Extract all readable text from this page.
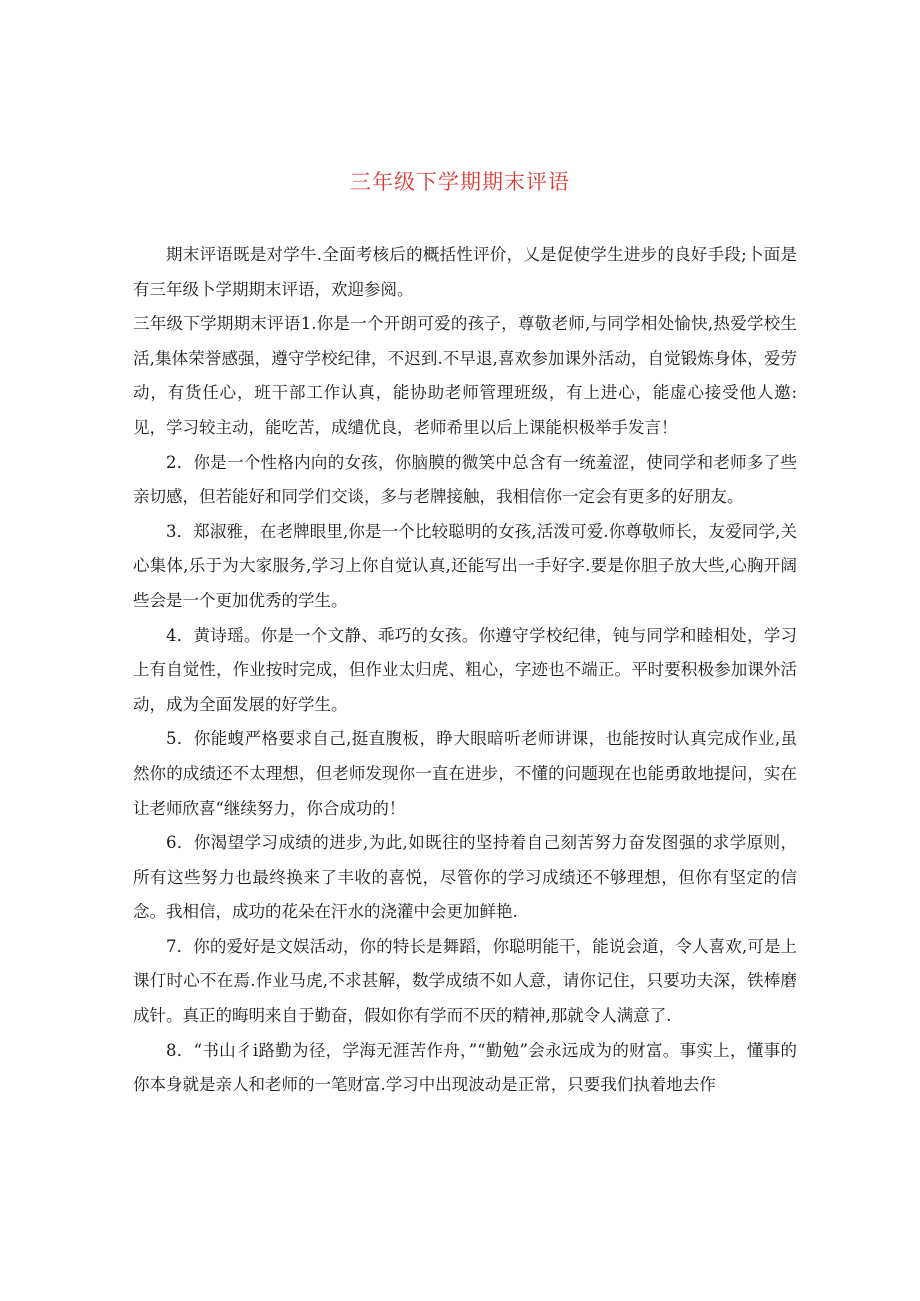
三年级下学期期末评语

期末评语既是对学牛.全面考核后的概括性评价，乂是促使学生进步的良好手段;卜面是有三年级卜学期期末评语，欢迎参阅。

三年级下学期期末评语1.你是一个开朗可爱的孩子，尊敬老师,与同学相处愉快,热爱学校生活,集体荣誉感强，遵守学校纪律，不迟到.不早退,喜欢参加课外活动，自觉锻炼身体，爱劳动，有货任心，班干部工作认真，能协助老师管理班级，有上进心，能虚心接受他人邀:见，学习较主动，能吃苦，成缱优良，老师希里以后上课能枳极举手发言！

2．你是一个性格内向的女孩，你脑膜的微笑中总含有一统羞涩，使同学和老师多了些亲切感，但若能好和同学们交谈，多与老牌接触，我相信你一定会有更多的好朋友。

3．郑淑雅，在老牌眼里,你是一个比较聪明的女孩,活泼可爱.你尊敬师长，友爱同学,关心集体,乐于为大家服务,学习上你自觉认真,还能写出一手好字.要是你胆子放大些,心胸开阔些会是一个更加优秀的学生。

4．黄诗瑶。你是一个文静、乖巧的女孩。你遵守学校纪律，钝与同学和睦相处，学习上有自觉性，作业按时完成，但作业太归虎、粗心，字迹也不端正。平时要积极参加课外活动，成为全面发展的好学生。

5．你能蝮严格要求自己,挺直腹板，睁大眼暗听老师讲课，也能按时认真完成作业,虽然你的成绩还不太理想，但老师发现你一直在进步，不懂的问题现在也能勇敢地提问，实在让老师欣喜“继续努力，你合成功的！

6．你渴望学习成绩的进步,为此,如既往的坚持着自己刻苦努力奋发图强的求学原则，所有这些努力也最终换来了丰收的喜悦，尽管你的学习成绩还不够理想，但你有坚定的信念。我相信，成功的花朵在汗水的浇灌中会更加鲜艳.

7．你的爱好是文娱活动，你的特长是舞蹈，你聪明能干，能说会道，令人喜欢,可是上课仃时心不在焉.作业马虎,不求甚解，数学成绩不如人意，请你记住，只要功夫深，铁棒磨成针。真正的晦明来自于勤奋，假如你有学而不厌的精神,那就令人满意了.

8．“书山彳i路勤为径，学海无涯苦作舟，”“勤勉”会永远成为的财富。事实上，懂事的你本身就是亲人和老师的一笔财富.学习中出现波动是正常，只要我们执着地去作
